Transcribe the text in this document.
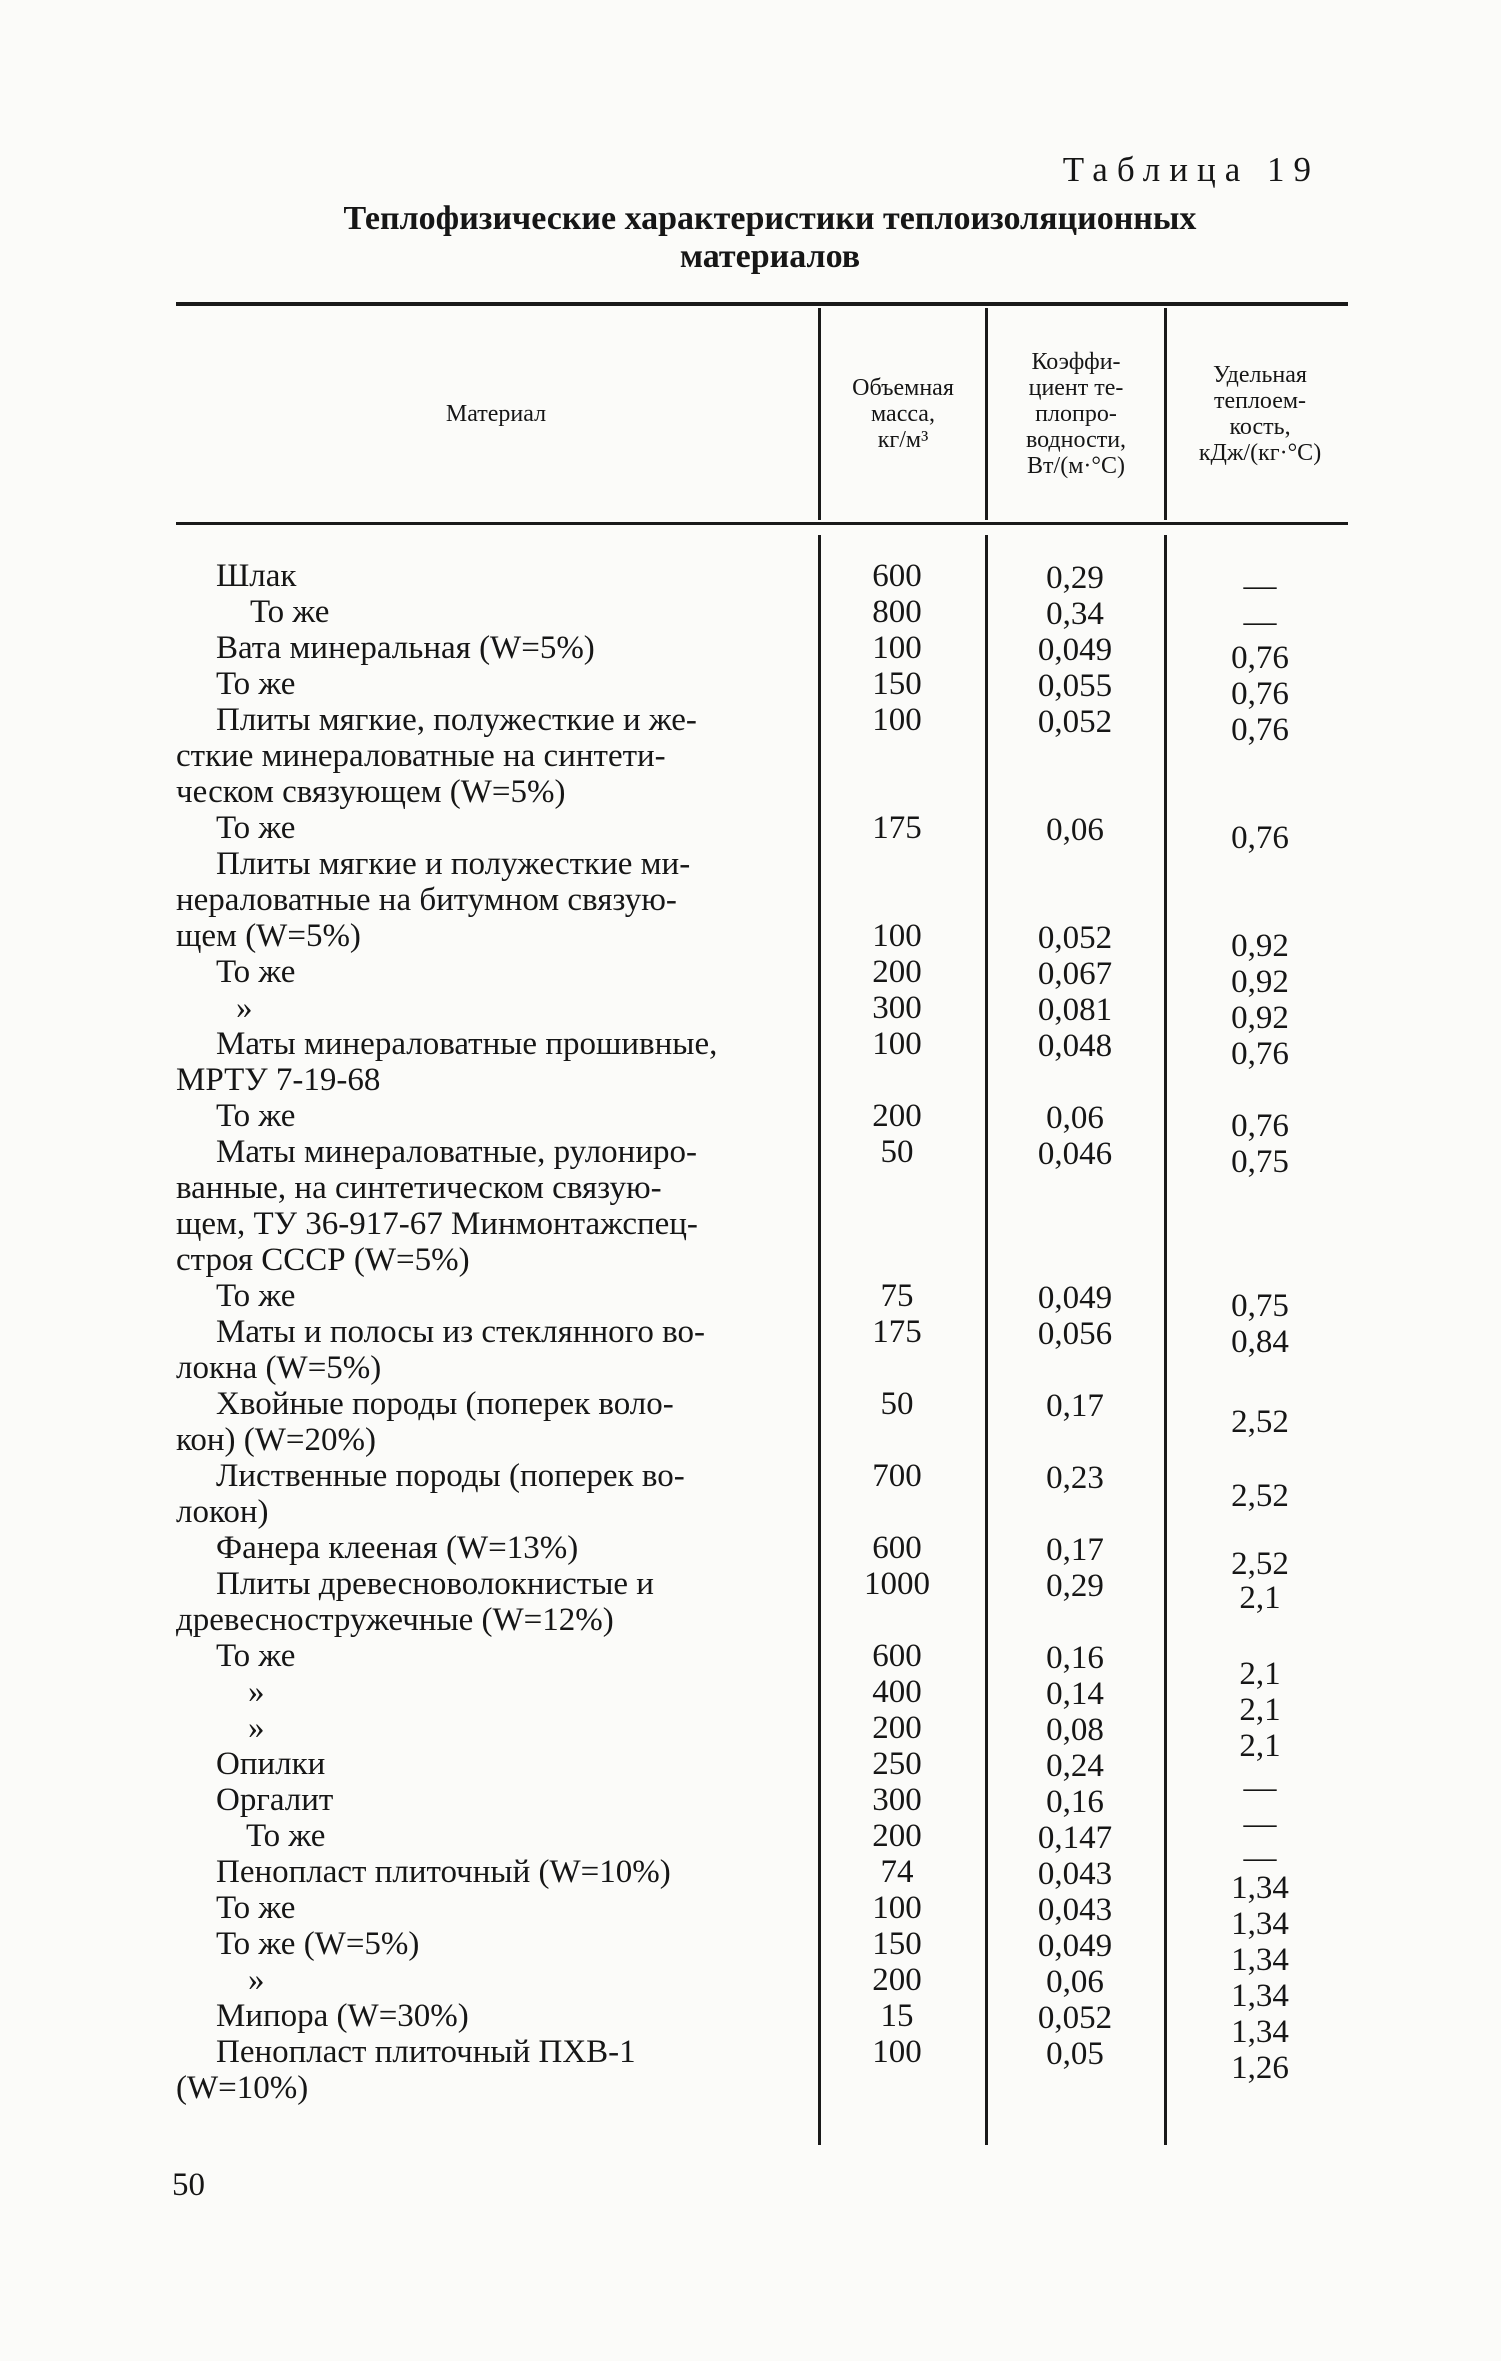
Таблица 19
Теплофизические характеристики теплоизоляционных
материалов
Материал
Объемная
масса,
кг/м³
Коэффи-
циент те-
плопро-
водности,
Вт/(м·°С)
Удельная
теплоем-
кость,
кДж/(кг·°С)
Шлак
То же
Вата минеральная (W=5%)
То же
Плиты мягкие, полужесткие и же-
сткие минераловатные на синтети-
ческом связующем (W=5%)
То же
Плиты мягкие и полужесткие ми-
нераловатные на битумном связую-
щем (W=5%)
То же
»
Маты минераловатные прошивные,
МРТУ 7-19-68
То же
Маты минераловатные, рулониро-
ванные, на синтетическом связую-
щем, ТУ 36-917-67 Минмонтажспец-
строя СССР (W=5%)
То же
Маты и полосы из стеклянного во-
локна (W=5%)
Хвойные породы (поперек воло-
кон) (W=20%)
Лиственные породы (поперек во-
локон)
Фанера клееная (W=13%)
Плиты древесноволокнистые и
древесностружечные (W=12%)
То же
»
»
Опилки
Оргалит
То же
Пенопласт плиточный (W=10%)
То же
То же (W=5%)
»
Мипора (W=30%)
Пенопласт плиточный ПХВ-1
(W=10%)
600
800
100
150
100
175
100
200
300
100
200
50
75
175
50
700
600
1000
600
400
200
250
300
200
74
100
150
200
15
100
0,29
0,34
0,049
0,055
0,052
0,06
0,052
0,067
0,081
0,048
0,06
0,046
0,049
0,056
0,17
0,23
0,17
0,29
0,16
0,14
0,08
0,24
0,16
0,147
0,043
0,043
0,049
0,06
0,052
0,05
—
—
0,76
0,76
0,76
0,76
0,92
0,92
0,92
0,76
0,76
0,75
0,75
0,84
2,52
2,52
2,52
2,1
2,1
2,1
2,1
—
—
—
1,34
1,34
1,34
1,34
1,34
1,26
50
